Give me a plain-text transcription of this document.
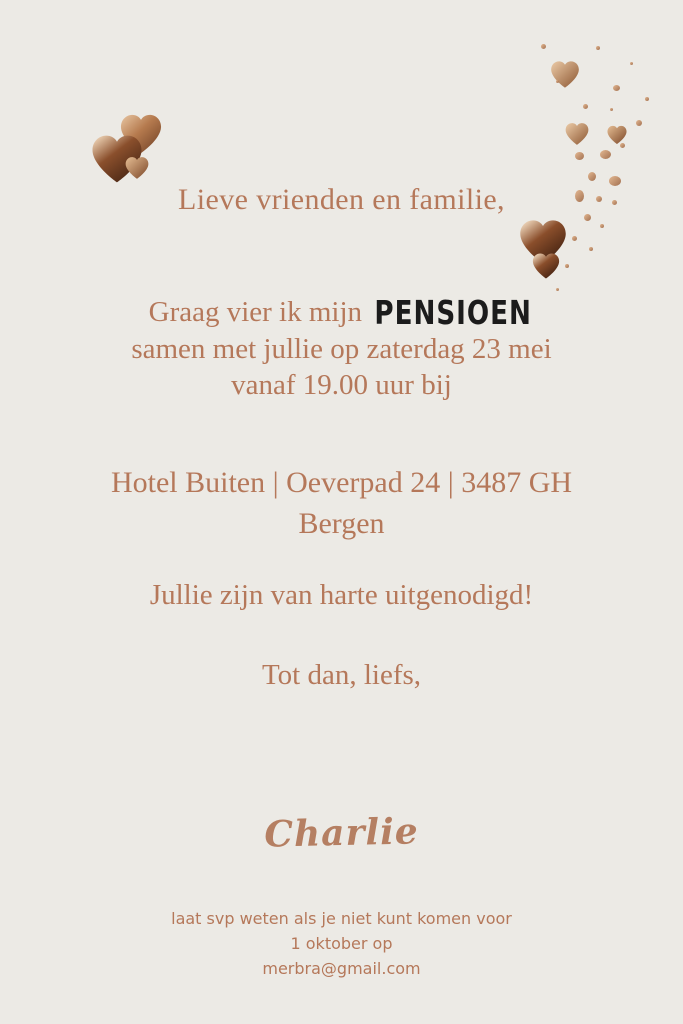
Lieve vrienden en familie,
Graag vier ik mijn PENSIOEN
samen met jullie op zaterdag 23 mei
vanaf 19.00 uur bij
Hotel Buiten | Oeverpad 24 | 3487 GH
Bergen
Jullie zijn van harte uitgenodigd!
Tot dan, liefs,
Charlie
laat svp weten als je niet kunt komen voor
1 oktober op
merbra@gmail.com
